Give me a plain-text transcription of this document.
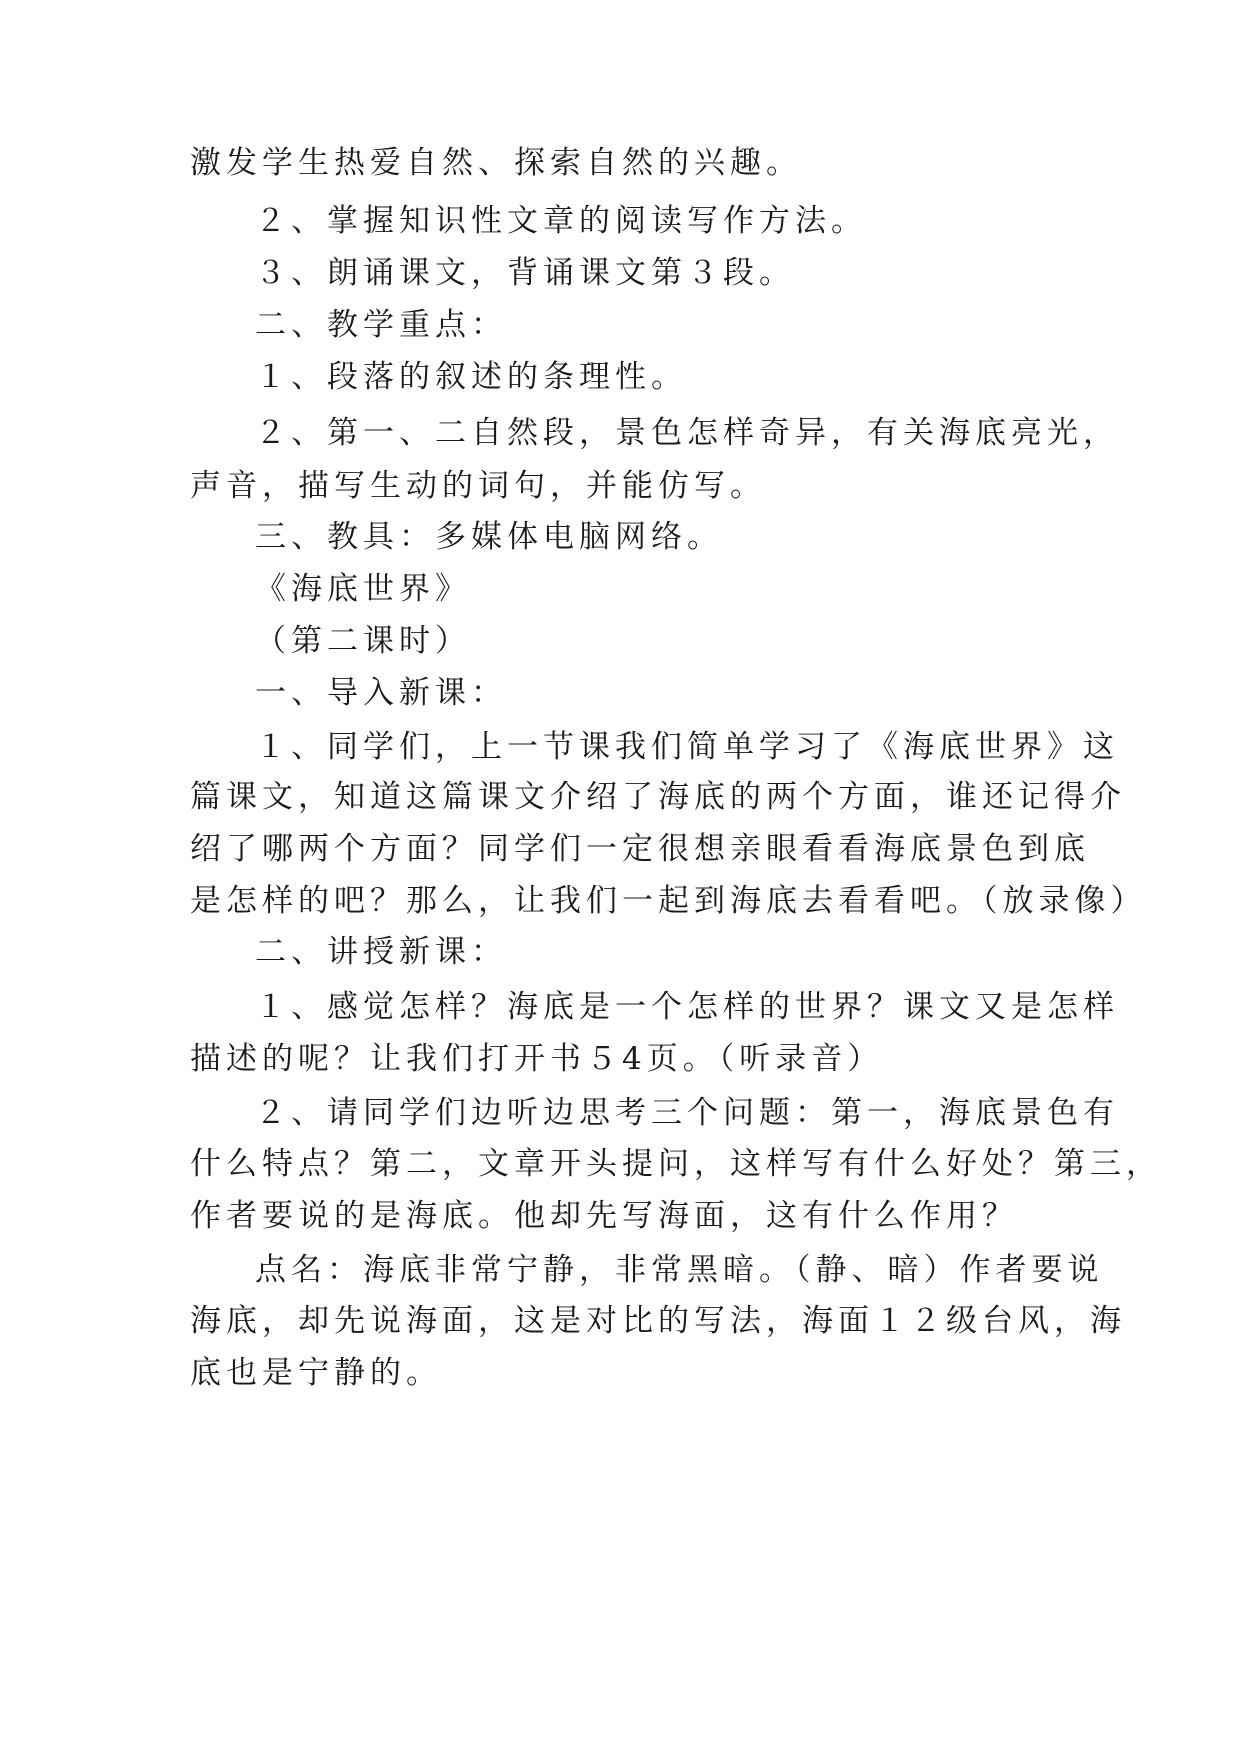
激发学生热爱自然、探索自然的兴趣。
２、掌握知识性文章的阅读写作方法。
３、朗诵课文，背诵课文第３段。
二、教学重点：
１、段落的叙述的条理性。
２、第一、二自然段，景色怎样奇异，有关海底亮光，
声音，描写生动的词句，并能仿写。
三、教具：多媒体电脑网络。
《海底世界》
（第二课时）
一、导入新课：
１、同学们，上一节课我们简单学习了《海底世界》这
篇课文，知道这篇课文介绍了海底的两个方面，谁还记得介
绍了哪两个方面？同学们一定很想亲眼看看海底景色到底
是怎样的吧？那么，让我们一起到海底去看看吧。（放录像）
二、讲授新课：
１、感觉怎样？海底是一个怎样的世界？课文又是怎样
描述的呢？让我们打开书５4页。（听录音）
２、请同学们边听边思考三个问题：第一，海底景色有
什么特点？第二，文章开头提问，这样写有什么好处？第三，
作者要说的是海底。他却先写海面，这有什么作用？
点名：海底非常宁静，非常黑暗。（静、暗）作者要说
海底，却先说海面，这是对比的写法，海面１２级台风，海
底也是宁静的。
